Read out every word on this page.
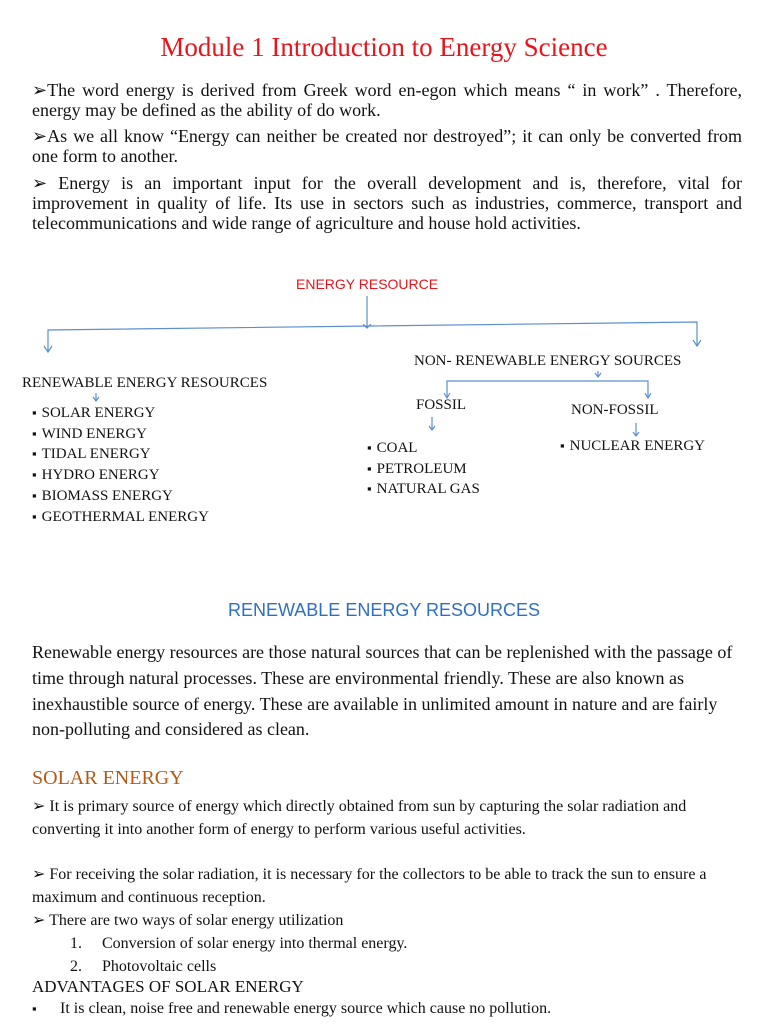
Module 1 Introduction to Energy Science

➢ The word energy is derived from Greek word en-egon which means “ in work” . Therefore, energy may be defined as the ability of do work.

➢ As we all know “Energy can neither be created nor destroyed”; it can only be converted from one form to another.

➢ Energy is an important input for the overall development and is, therefore, vital for improvement in quality of life. Its use in sectors such as industries, commerce, transport and telecommunications and wide range of agriculture and house hold activities.

ENERGY RESOURCE
RENEWABLE ENERGY RESOURCES
▪ SOLAR ENERGY
▪ WIND ENERGY
▪ TIDAL ENERGY
▪ HYDRO ENERGY
▪ BIOMASS ENERGY
▪ GEOTHERMAL ENERGY
NON- RENEWABLE ENERGY SOURCES
FOSSIL	NON-FOSSIL
▪ COAL
▪ PETROLEUM
▪ NATURAL GAS
▪ NUCLEAR ENERGY
RENEWABLE ENERGY RESOURCES

Renewable energy resources are those natural sources that can be replenished with the passage of time through natural processes. These are environmental friendly. These are also known as inexhaustible source of energy. These are available in unlimited amount in nature and are fairly non-polluting and considered as clean.

SOLAR ENERGY

➢ It is primary source of energy which directly obtained from sun by capturing the solar radiation and converting it into another form of energy to perform various useful activities.

➢ For receiving the solar radiation, it is necessary for the collectors to be able to track the sun to ensure a maximum and continuous reception.

➢ There are two ways of solar energy utilization

1. Conversion of solar energy into thermal energy.
2. Photovoltaic cells
ADVANTAGES OF SOLAR ENERGY
▪ It is clean, noise free and renewable energy source which cause no pollution.
